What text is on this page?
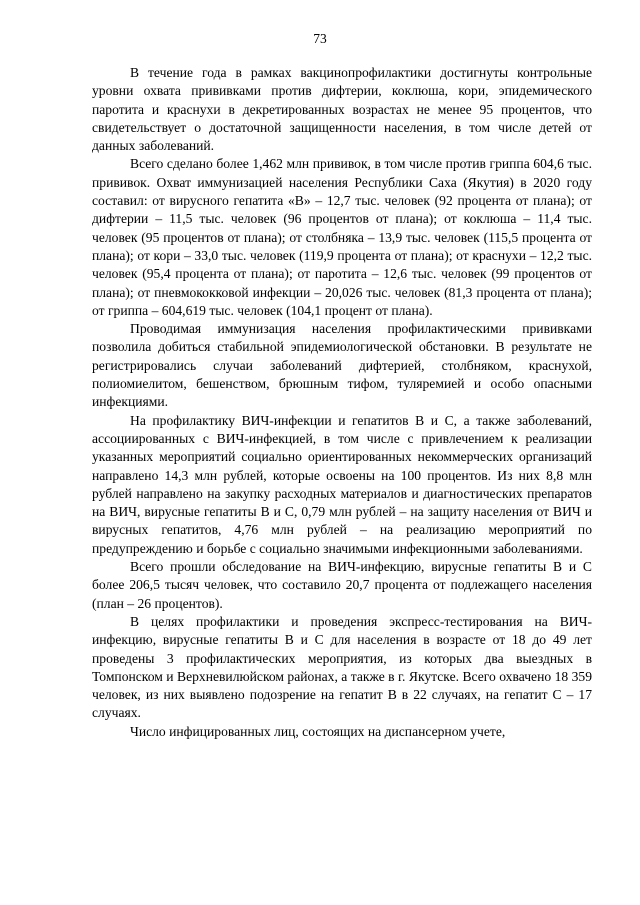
73

В течение года в рамках вакцинопрофилактики достигнуты контрольные уровни охвата прививками против дифтерии, коклюша, кори, эпидемического паротита и краснухи в декретированных возрастах не менее 95 процентов, что свидетельствует о достаточной защищенности населения, в том числе детей от данных заболеваний.

Всего сделано более 1,462 млн прививок, в том числе против гриппа 604,6 тыс. прививок. Охват иммунизацией населения Республики Саха (Якутия) в 2020 году составил: от вирусного гепатита «В» – 12,7 тыс. человек (92 процента от плана); от дифтерии – 11,5 тыс. человек (96 процентов от плана); от коклюша – 11,4 тыс. человек (95 процентов от плана); от столбняка – 13,9 тыс. человек (115,5 процента от плана); от кори – 33,0 тыс. человек (119,9 процента от плана); от краснухи – 12,2 тыс. человек (95,4 процента от плана); от паротита – 12,6 тыс. человек (99 процентов от плана); от пневмококковой инфекции – 20,026 тыс. человек (81,3 процента от плана); от гриппа – 604,619 тыс. человек (104,1 процент от плана).

Проводимая иммунизация населения профилактическими прививками позволила добиться стабильной эпидемиологической обстановки. В результате не регистрировались случаи заболеваний дифтерией, столбняком, краснухой, полиомиелитом, бешенством, брюшным тифом, туляремией и особо опасными инфекциями.

На профилактику ВИЧ-инфекции и гепатитов В и С, а также заболеваний, ассоциированных с ВИЧ-инфекцией, в том числе с привлечением к реализации указанных мероприятий социально ориентированных некоммерческих организаций направлено 14,3 млн рублей, которые освоены на 100 процентов. Из них 8,8 млн рублей направлено на закупку расходных материалов и диагностических препаратов на ВИЧ, вирусные гепатиты В и С, 0,79 млн рублей – на защиту населения от ВИЧ и вирусных гепатитов, 4,76 млн рублей – на реализацию мероприятий по предупреждению и борьбе с социально значимыми инфекционными заболеваниями.

Всего прошли обследование на ВИЧ-инфекцию, вирусные гепатиты В и С более 206,5 тысяч человек, что составило 20,7 процента от подлежащего населения (план – 26 процентов).

В целях профилактики и проведения экспресс-тестирования на ВИЧ-инфекцию, вирусные гепатиты В и С для населения в возрасте от 18 до 49 лет проведены 3 профилактических мероприятия, из которых два выездных в Томпонском и Верхневилюйском районах, а также в г. Якутске. Всего охвачено 18 359 человек, из них выявлено подозрение на гепатит В в 22 случаях, на гепатит С – 17 случаях.

Число инфицированных лиц, состоящих на диспансерном учете,
